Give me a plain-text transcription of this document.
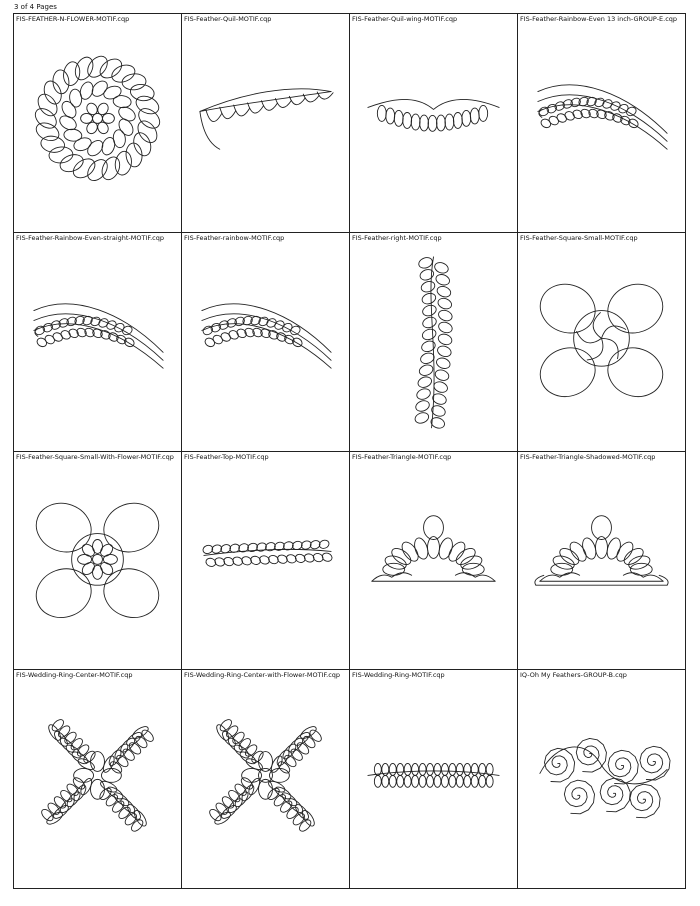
3 of 4 Pages
FIS-FEATHER-N-FLOWER-MOTIF.cqp	FIS-Feather-Quil-MOTIF.cqp	FIS-Feather-Quil-wing-MOTIF.cqp	FIS-Feather-Rainbow-Even 13 inch-GROUP-E.cqp
FIS-Feather-Rainbow-Even-straight-MOTIF.cqp	FIS-Feather-rainbow-MOTIF.cqp	FIS-Feather-right-MOTIF.cqp	FIS-Feather-Square-Small-MOTIF.cqp
FIS-Feather-Square-Small-With-Flower-MOTIF.cqp FIS-Feather-Top-MOTIF.cqp	FIS-Feather-Triangle-MOTIF.cqp	FIS-Feather-Triangle-Shadowed-MOTIF.cqp
FIS-Wedding-Ring-Center-MOTIF.cqp	FIS-Wedding-Ring-Center-with-Flower-MOTIF.cqp FIS-Wedding-Ring-MOTIF.cqp	IQ-Oh My Feathers-GROUP-B.cqp
